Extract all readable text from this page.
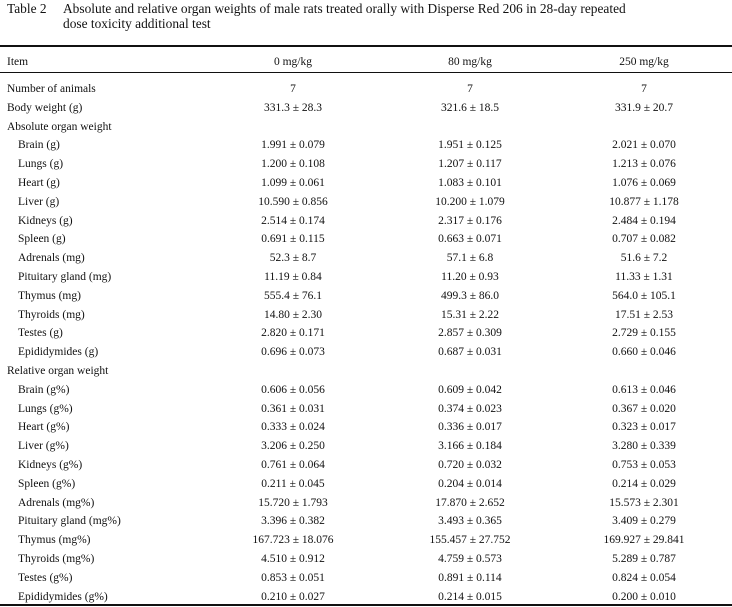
Table 2 Absolute and relative organ weights of male rats treated orally with Disperse Red 206 in 28-day repeated
dose toxicity additional test
Item	0 mg/kg	80 mg/kg	250 mg/kg
Number of animals	7	7	7
Body weight (g)	331.3 ± 28.3	321.6 ± 18.5	331.9 ± 20.7
Absolute organ weight
Brain (g)	1.991 ± 0.079	1.951 ± 0.125	2.021 ± 0.070
Lungs (g)	1.200 ± 0.108	1.207 ± 0.117	1.213 ± 0.076
Heart (g)	1.099 ± 0.061	1.083 ± 0.101	1.076 ± 0.069
Liver (g)	10.590 ± 0.856	10.200 ± 1.079	10.877 ± 1.178
Kidneys (g)	2.514 ± 0.174	2.317 ± 0.176	2.484 ± 0.194
Spleen (g)	0.691 ± 0.115	0.663 ± 0.071	0.707 ± 0.082
Adrenals (mg)	52.3 ± 8.7	57.1 ± 6.8	51.6 ± 7.2
Pituitary gland (mg)	11.19 ± 0.84	11.20 ± 0.93	11.33 ± 1.31
Thymus (mg)	555.4 ± 76.1	499.3 ± 86.0	564.0 ± 105.1
Thyroids (mg)	14.80 ± 2.30	15.31 ± 2.22	17.51 ± 2.53
Testes (g)	2.820 ± 0.171	2.857 ± 0.309	2.729 ± 0.155
Epididymides (g)	0.696 ± 0.073	0.687 ± 0.031	0.660 ± 0.046
Relative organ weight
Brain (g%)	0.606 ± 0.056	0.609 ± 0.042	0.613 ± 0.046
Lungs (g%)	0.361 ± 0.031	0.374 ± 0.023	0.367 ± 0.020
Heart (g%)	0.333 ± 0.024	0.336 ± 0.017	0.323 ± 0.017
Liver (g%)	3.206 ± 0.250	3.166 ± 0.184	3.280 ± 0.339
Kidneys (g%)	0.761 ± 0.064	0.720 ± 0.032	0.753 ± 0.053
Spleen (g%)	0.211 ± 0.045	0.204 ± 0.014	0.214 ± 0.029
Adrenals (mg%)	15.720 ± 1.793	17.870 ± 2.652	15.573 ± 2.301
Pituitary gland (mg%)	3.396 ± 0.382	3.493 ± 0.365	3.409 ± 0.279
Thymus (mg%)	167.723 ± 18.076	155.457 ± 27.752	169.927 ± 29.841
Thyroids (mg%)	4.510 ± 0.912	4.759 ± 0.573	5.289 ± 0.787
Testes (g%)	0.853 ± 0.051	0.891 ± 0.114	0.824 ± 0.054
Epididymides (g%)	0.210 ± 0.027	0.214 ± 0.015	0.200 ± 0.010
